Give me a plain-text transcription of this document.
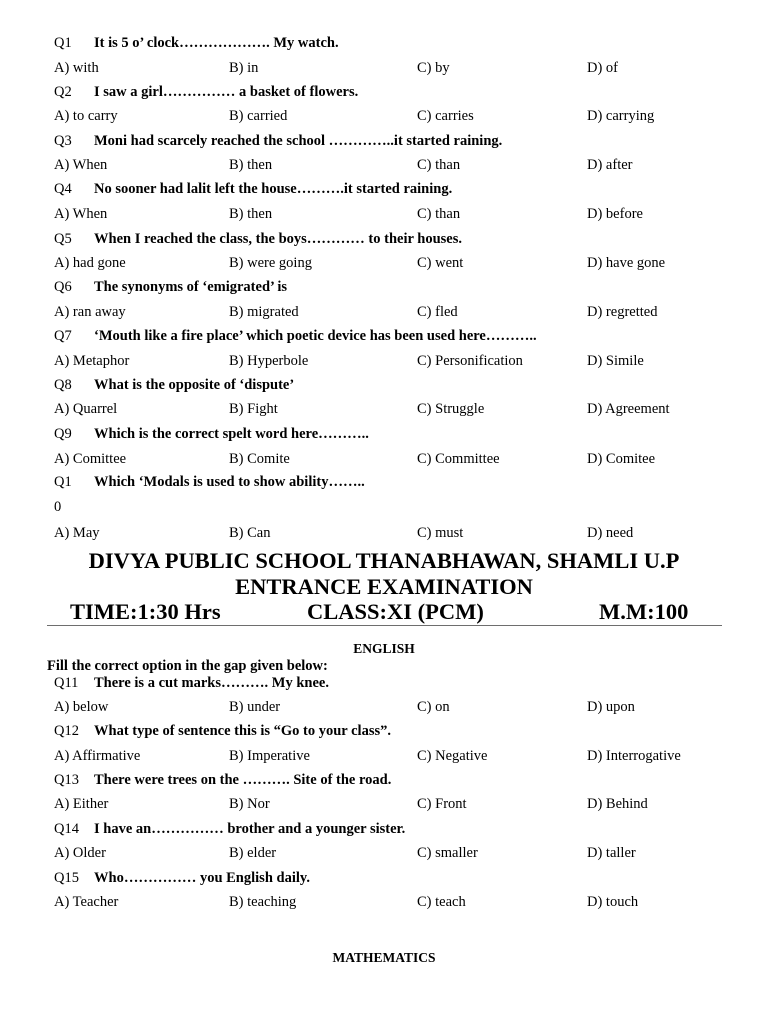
Q1 It is 5 o’ clock………………. My watch.
A) with	B) in	C) by	D) of
Q2 I saw a girl…………… a basket of flowers.
A) to carry	B) carried	C) carries	D) carrying
Q3 Moni had scarcely reached the school …………..it started raining.
A) When	B) then	C) than	D) after
Q4 No sooner had lalit left the house……….it started raining.
A) When	B) then	C) than	D) before
Q5 When I reached the class, the boys………… to their houses.
A) had gone	B) were going	C) went	D) have gone
Q6 The synonyms of ‘emigrated’ is
A) ran away	B) migrated	C) fled	D) regretted
Q7 ‘Mouth like a fire place’ which poetic device has been used here………..
A) Metaphor	B) Hyperbole	C) Personification	D) Simile
Q8 What is the opposite of ‘dispute’
A) Quarrel	B) Fight	C) Struggle	D) Agreement
Q9 Which is the correct spelt word here………..
A) Comittee	B) Comite	C) Committee	D) Comitee
Q1 Which ‘Modals is used to show ability……..
0
A) May	B) Can	C) must	D) need
DIVYA PUBLIC SCHOOL THANABHAWAN, SHAMLI U.P
ENTRANCE EXAMINATION
TIME:1:30 Hrs	CLASS:XI (PCM)	M.M:100
ENGLISH
Fill the correct option in the gap given below:
Q11 There is a cut marks………. My knee.
A) below	B) under	C) on	D) upon
Q12 What type of sentence this is “Go to your class”.
A) Affirmative	B) Imperative	C) Negative	D) Interrogative
Q13 There were trees on the ………. Site of the road.
A) Either	B) Nor	C) Front	D) Behind
Q14 I have an…………… brother and a younger sister.
A) Older	B) elder	C) smaller	D) taller
Q15 Who…………… you English daily.
A) Teacher	B) teaching	C) teach	D) touch
MATHEMATICS
